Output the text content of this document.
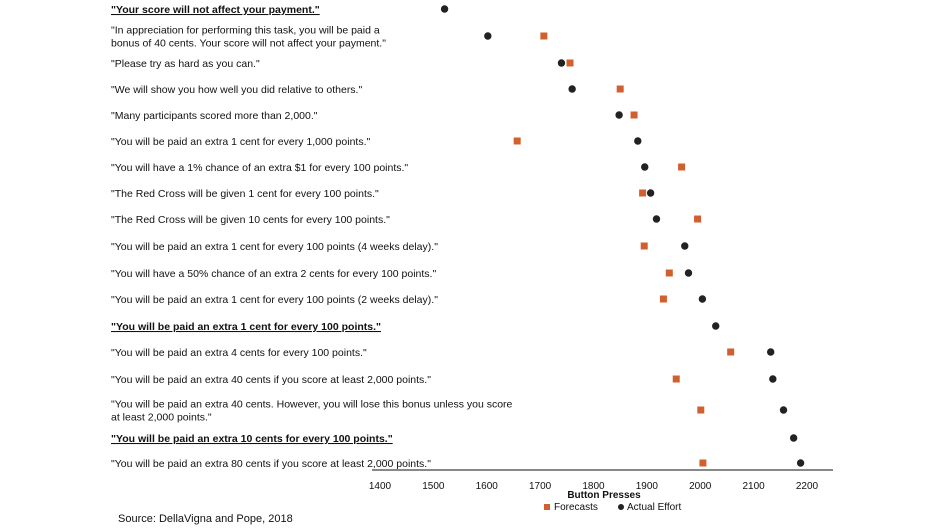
"Your score will not affect your payment."
"In appreciation for performing this task, you will be paid a bonus of 40 cents. Your score will not affect your payment."
"Please try as hard as you can."
"We will show you how well you did relative to others."
"Many participants scored more than 2,000."
"You will be paid an extra 1 cent for every 1,000 points."
"You will have a 1% chance of an extra $1 for every 100 points."
"The Red Cross will be given 1 cent for every 100 points."
"The Red Cross will be given 10 cents for every 100 points."
"You will be paid an extra 1 cent for every 100 points (4 weeks delay)."
"You will have a 50% chance of an extra 2 cents for every 100 points."
"You will be paid an extra 1 cent for every 100 points (2 weeks delay)."
"You will be paid an extra 1 cent for every 100 points."
"You will be paid an extra 4 cents for every 100 points."
"You will be paid an extra 40 cents if you score at least 2,000 points."
"You will be paid an extra 40 cents. However, you will lose this bonus unless you score at least 2,000 points."
"You will be paid an extra 10 cents for every 100 points."
"You will be paid an extra 80 cents if you score at least 2,000 points."
1400	1500	1600	1700	1800	1900	2000	2100	2200
Button Presses
Forecasts	Actual Effort
Source: DellaVigna and Pope, 2018
